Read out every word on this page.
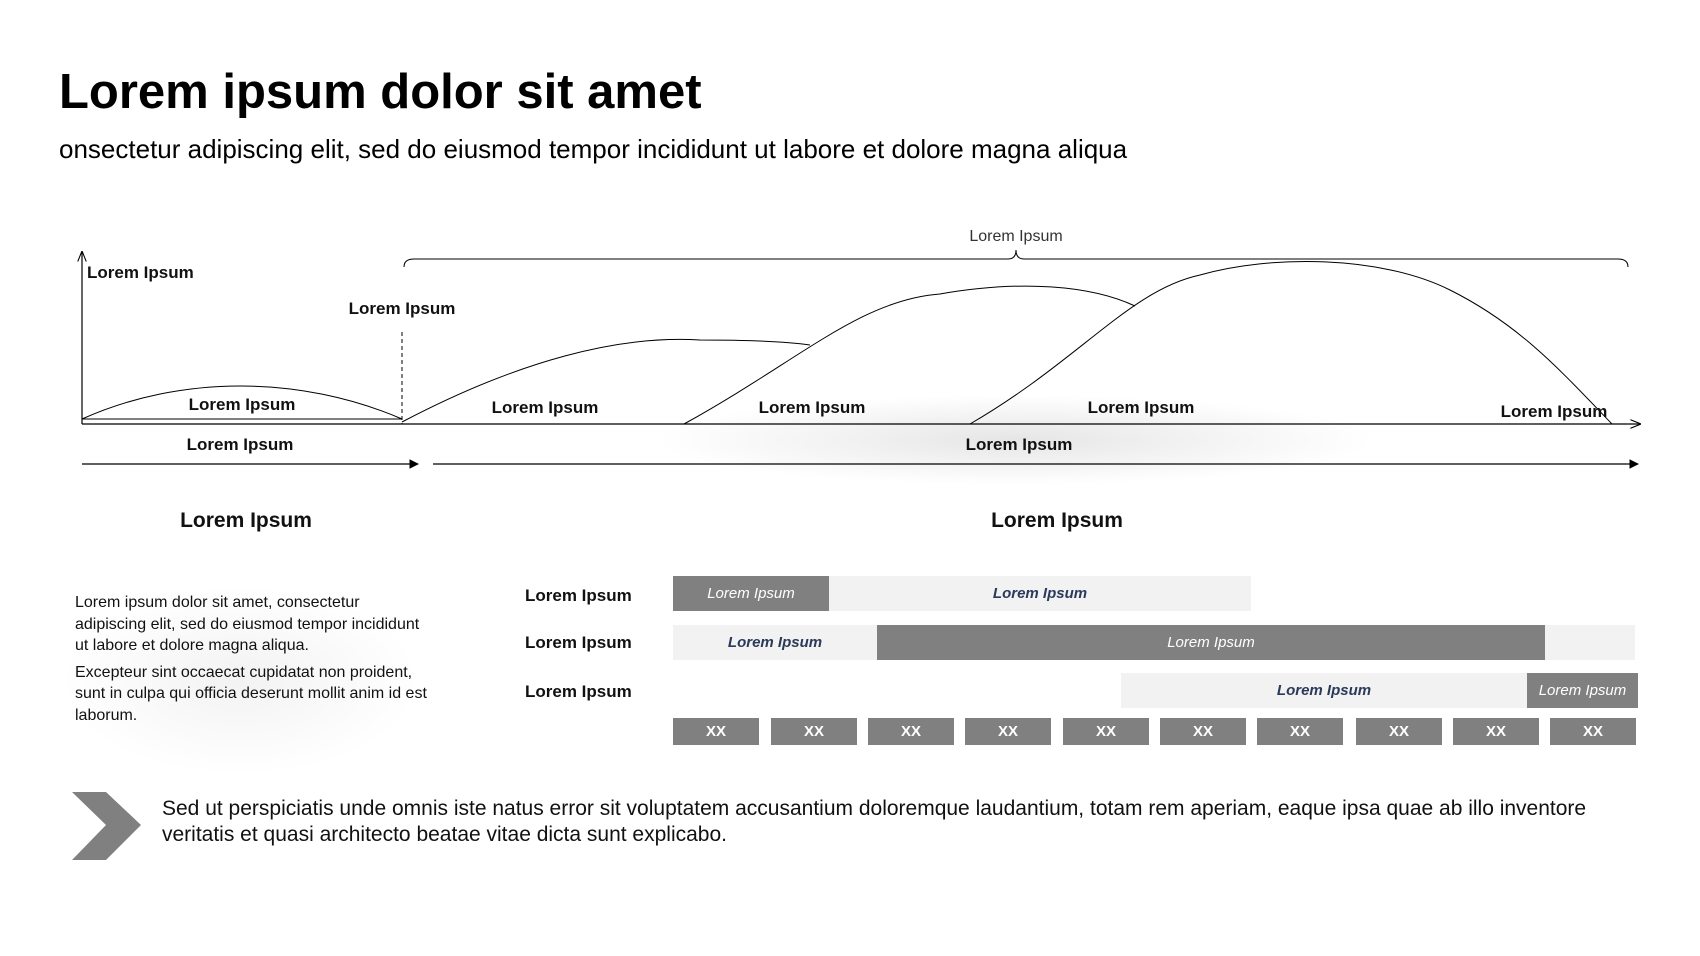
Lorem ipsum dolor sit amet
onsectetur adipiscing elit, sed do eiusmod tempor incididunt ut labore et dolore magna aliqua
Lorem Ipsum
Lorem Ipsum
Lorem Ipsum
Lorem Ipsum	Lorem Ipsum	Lorem Ipsum	Lorem Ipsum	Lorem Ipsum
Lorem Ipsum	Lorem Ipsum
Lorem Ipsum	Lorem Ipsum

Lorem ipsum dolor sit amet, consectetur adipiscing elit, sed do eiusmod tempor incididunt ut labore et dolore magna aliqua.

Excepteur sint occaecat cupidatat non proident, sunt in culpa qui officia deserunt mollit anim id est laborum.

Lorem Ipsum
Lorem Ipsum
Lorem Ipsum
Lorem Ipsum	Lorem Ipsum
Lorem Ipsum	Lorem Ipsum
Lorem Ipsum	Lorem Ipsum
XX	XX	XX	XX	XX	XX	XX	XX	XX	XX
Sed ut perspiciatis unde omnis iste natus error sit voluptatem accusantium doloremque laudantium, totam rem aperiam, eaque ipsa quae ab illo inventore veritatis et quasi architecto beatae vitae dicta sunt explicabo.
